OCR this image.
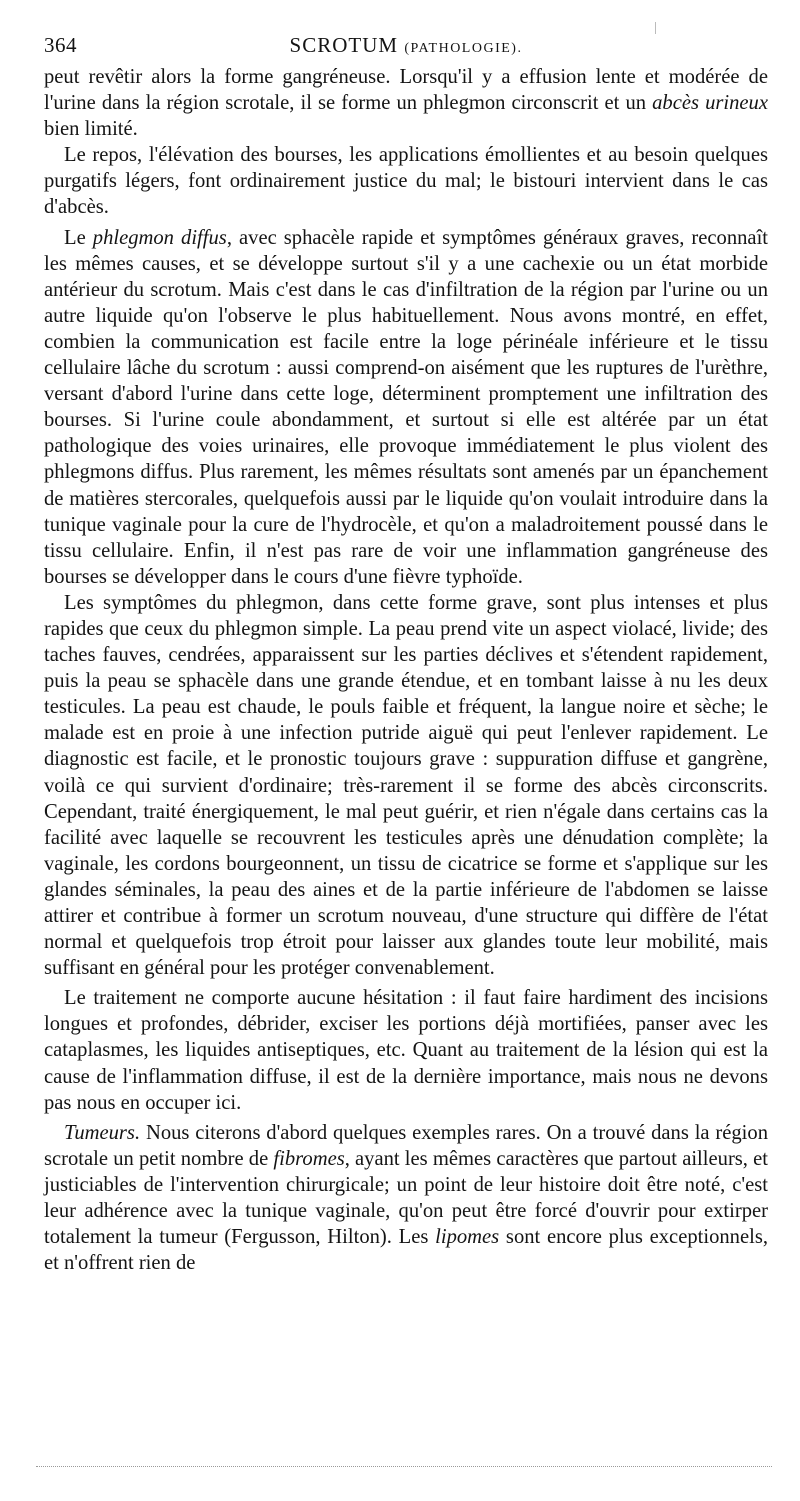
364	SCROTUM (PATHOLOGIE).

peut revêtir alors la forme gangréneuse. Lorsqu'il y a effusion lente et modérée de l'urine dans la région scrotale, il se forme un phlegmon circonscrit et un abcès urineux bien limité.

Le repos, l'élévation des bourses, les applications émollientes et au besoin quelques purgatifs légers, font ordinairement justice du mal; le bistouri intervient dans le cas d'abcès.

Le phlegmon diffus, avec sphacèle rapide et symptômes généraux graves, reconnaît les mêmes causes, et se développe surtout s'il y a une cachexie ou un état morbide antérieur du scrotum. Mais c'est dans le cas d'infiltration de la région par l'urine ou un autre liquide qu'on l'observe le plus habituellement. Nous avons montré, en effet, combien la communication est facile entre la loge périnéale inférieure et le tissu cellulaire lâche du scrotum : aussi comprend-on aisément que les ruptures de l'urèthre, versant d'abord l'urine dans cette loge, déterminent promptement une infiltration des bourses. Si l'urine coule abondamment, et surtout si elle est altérée par un état pathologique des voies urinaires, elle provoque immédiatement le plus violent des phlegmons diffus. Plus rarement, les mêmes résultats sont amenés par un épanchement de matières stercorales, quelquefois aussi par le liquide qu'on voulait introduire dans la tunique vaginale pour la cure de l'hydrocèle, et qu'on a maladroitement poussé dans le tissu cellulaire. Enfin, il n'est pas rare de voir une inflammation gangréneuse des bourses se développer dans le cours d'une fièvre typhoïde.

Les symptômes du phlegmon, dans cette forme grave, sont plus intenses et plus rapides que ceux du phlegmon simple. La peau prend vite un aspect violacé, livide; des taches fauves, cendrées, apparaissent sur les parties déclives et s'étendent rapidement, puis la peau se sphacèle dans une grande étendue, et en tombant laisse à nu les deux testicules. La peau est chaude, le pouls faible et fréquent, la langue noire et sèche; le malade est en proie à une infection putride aiguë qui peut l'enlever rapidement. Le diagnostic est facile, et le pronostic toujours grave : suppuration diffuse et gangrène, voilà ce qui survient d'ordinaire; très-rarement il se forme des abcès circonscrits. Cependant, traité énergiquement, le mal peut guérir, et rien n'égale dans certains cas la facilité avec laquelle se recouvrent les testicules après une dénudation complète; la vaginale, les cordons bourgeonnent, un tissu de cicatrice se forme et s'applique sur les glandes séminales, la peau des aines et de la partie inférieure de l'abdomen se laisse attirer et contribue à former un scrotum nouveau, d'une structure qui diffère de l'état normal et quelquefois trop étroit pour laisser aux glandes toute leur mobilité, mais suffisant en général pour les protéger convenablement.

Le traitement ne comporte aucune hésitation : il faut faire hardiment des incisions longues et profondes, débrider, exciser les portions déjà mortifiées, panser avec les cataplasmes, les liquides antiseptiques, etc. Quant au traitement de la lésion qui est la cause de l'inflammation diffuse, il est de la dernière importance, mais nous ne devons pas nous en occuper ici.

Tumeurs. Nous citerons d'abord quelques exemples rares. On a trouvé dans la région scrotale un petit nombre de fibromes, ayant les mêmes caractères que partout ailleurs, et justiciables de l'intervention chirurgicale; un point de leur histoire doit être noté, c'est leur adhérence avec la tunique vaginale, qu'on peut être forcé d'ouvrir pour extirper totalement la tumeur (Fergusson, Hilton). Les lipomes sont encore plus exceptionnels, et n'offrent rien de
